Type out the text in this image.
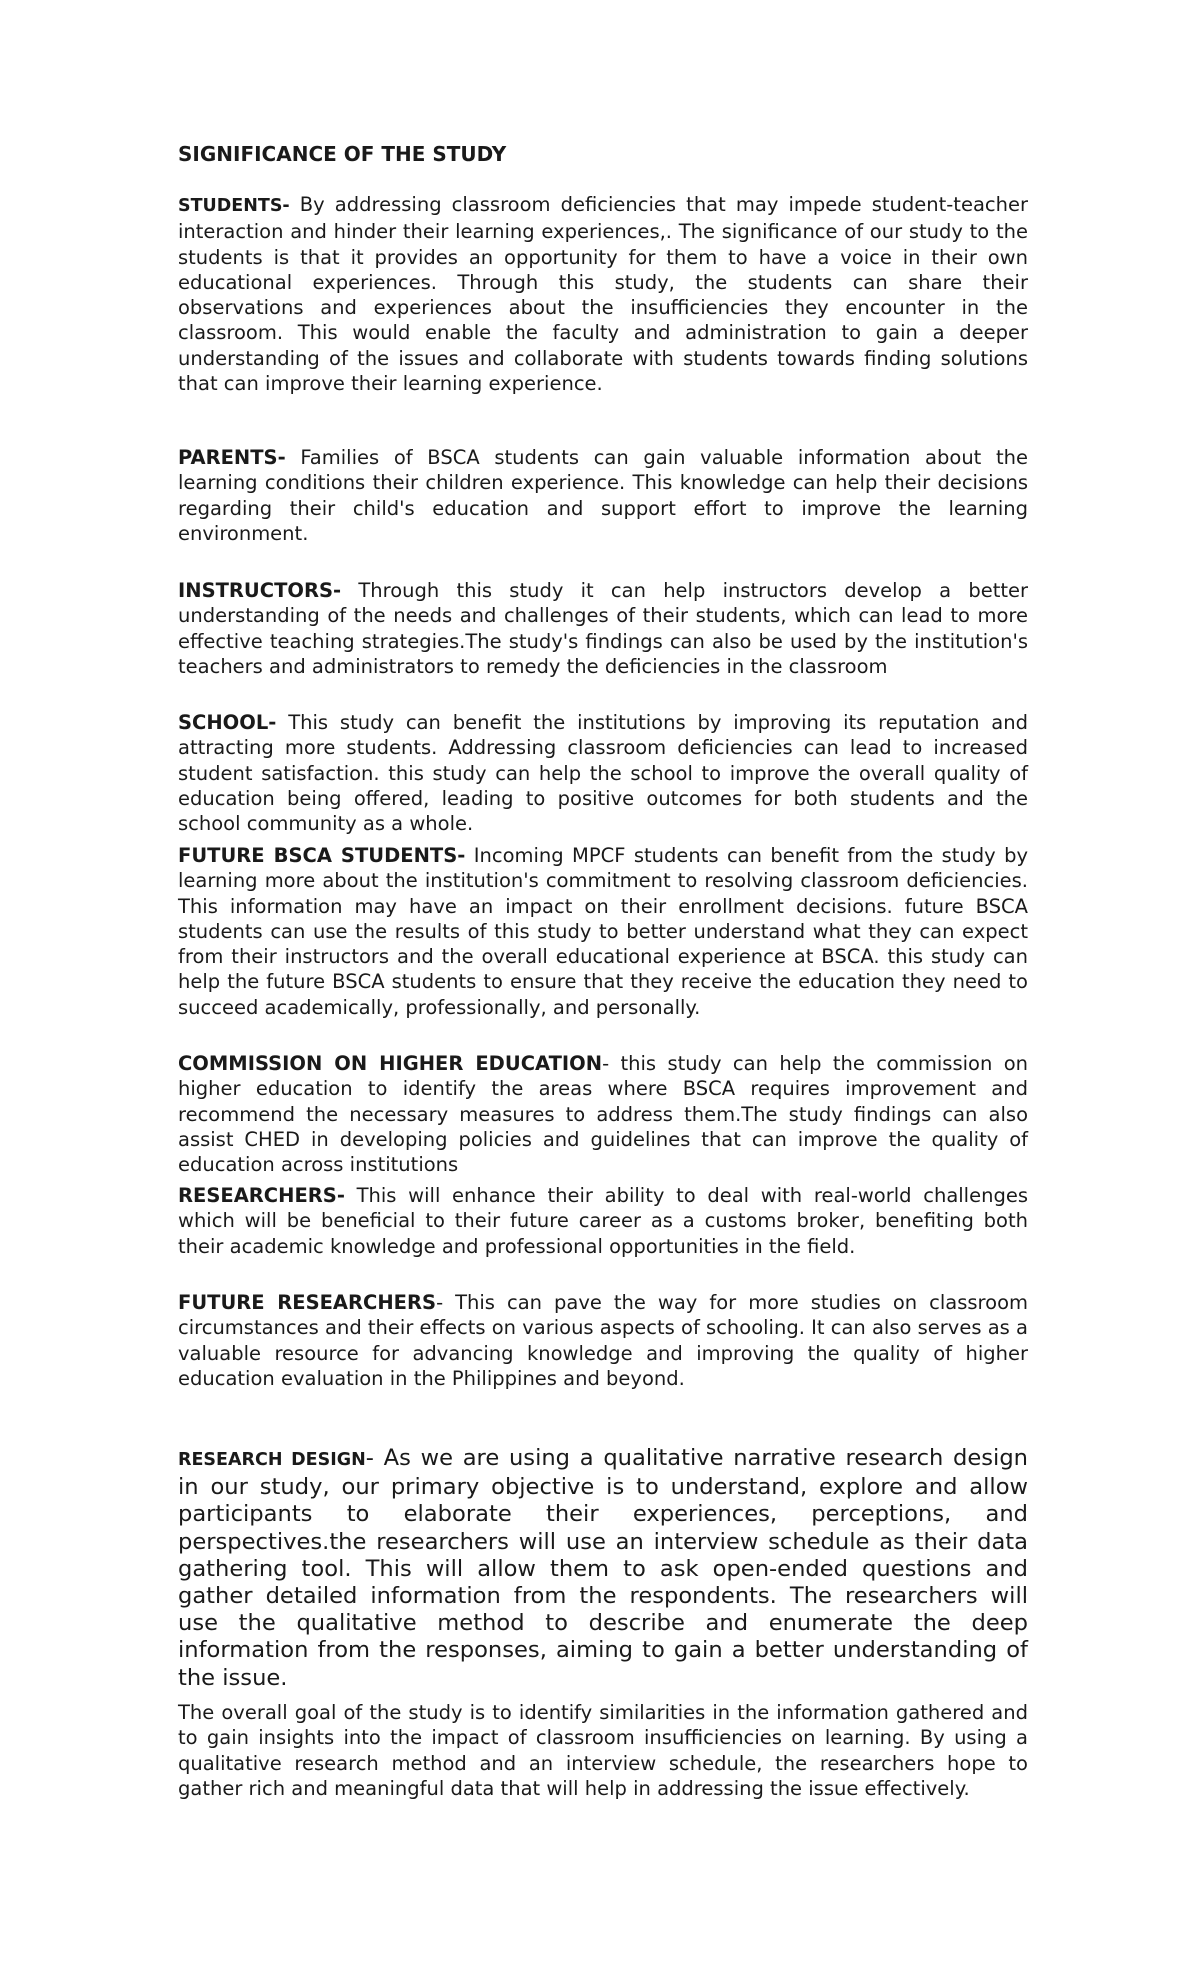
SIGNIFICANCE OF THE STUDY

STUDENTS- By addressing classroom deficiencies that may impede student-teacher interaction and hinder their learning experiences,. The significance of our study to the students is that it provides an opportunity for them to have a voice in their own educational experiences. Through this study, the students can share their observations and experiences about the insufficiencies they encounter in the classroom. This would enable the faculty and administration to gain a deeper understanding of the issues and collaborate with students towards finding solutions that can improve their learning experience.

PARENTS- Families of BSCA students can gain valuable information about the learning conditions their children experience. This knowledge can help their decisions regarding their child's education and support effort to improve the learning environment.

INSTRUCTORS- Through this study it can help instructors develop a better understanding of the needs and challenges of their students, which can lead to more effective teaching strategies.The study's findings can also be used by the institution's teachers and administrators to remedy the deficiencies in the classroom

SCHOOL- This study can benefit the institutions by improving its reputation and attracting more students. Addressing classroom deficiencies can lead to increased student satisfaction. this study can help the school to improve the overall quality of education being offered, leading to positive outcomes for both students and the school community as a whole.

FUTURE BSCA STUDENTS- Incoming MPCF students can benefit from the study by learning more about the institution's commitment to resolving classroom deficiencies. This information may have an impact on their enrollment decisions. future BSCA students can use the results of this study to better understand what they can expect from their instructors and the overall educational experience at BSCA. this study can help the future BSCA students to ensure that they receive the education they need to succeed academically, professionally, and personally.

COMMISSION ON HIGHER EDUCATION- this study can help the commission on higher education to identify the areas where BSCA requires improvement and recommend the necessary measures to address them.The study findings can also assist CHED in developing policies and guidelines that can improve the quality of education across institutions

RESEARCHERS- This will enhance their ability to deal with real-world challenges which will be beneficial to their future career as a customs broker, benefiting both their academic knowledge and professional opportunities in the field.

FUTURE RESEARCHERS- This can pave the way for more studies on classroom circumstances and their effects on various aspects of schooling. It can also serves as a valuable resource for advancing knowledge and improving the quality of higher education evaluation in the Philippines and beyond.

RESEARCH DESIGN- As we are using a qualitative narrative research design in our study, our primary objective is to understand, explore and allow participants to elaborate their experiences, perceptions, and perspectives.the researchers will use an interview schedule as their data gathering tool. This will allow them to ask open-ended questions and gather detailed information from the respondents. The researchers will use the qualitative method to describe and enumerate the deep information from the responses, aiming to gain a better understanding of the issue.

The overall goal of the study is to identify similarities in the information gathered and to gain insights into the impact of classroom insufficiencies on learning. By using a qualitative research method and an interview schedule, the researchers hope to gather rich and meaningful data that will help in addressing the issue effectively.
